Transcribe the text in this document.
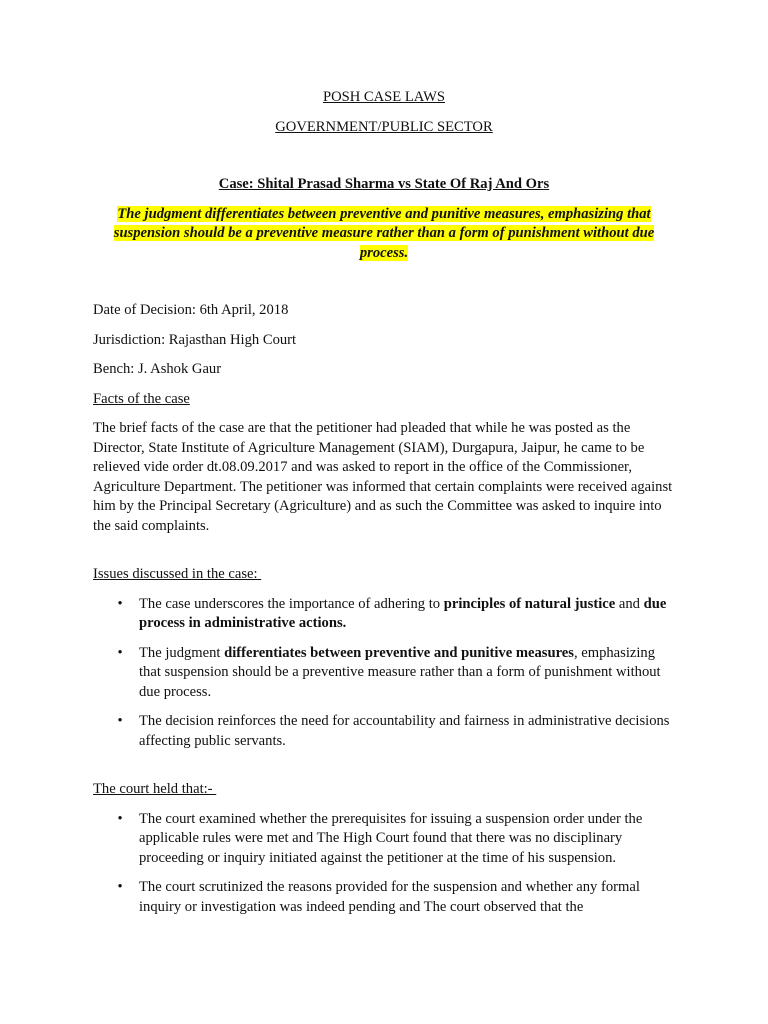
POSH CASE LAWS

GOVERNMENT/PUBLIC SECTOR

Case: Shital Prasad Sharma vs State Of Raj And Ors

The judgment differentiates between preventive and punitive measures, emphasizing that suspension should be a preventive measure rather than a form of punishment without due process.

Date of Decision: 6th April, 2018

Jurisdiction: Rajasthan High Court

Bench: J. Ashok Gaur

Facts of the case

The brief facts of the case are that the petitioner had pleaded that while he was posted as the Director, State Institute of Agriculture Management (SIAM), Durgapura, Jaipur, he came to be relieved vide order dt.08.09.2017 and was asked to report in the office of the Commissioner, Agriculture Department. The petitioner was informed that certain complaints were received against him by the Principal Secretary (Agriculture) and as such the Committee was asked to inquire into the said complaints.

Issues discussed in the case:

• The case underscores the importance of adhering to principles of natural justice and due process in administrative actions.
• The judgment differentiates between preventive and punitive measures, emphasizing that suspension should be a preventive measure rather than a form of punishment without due process.
• The decision reinforces the need for accountability and fairness in administrative decisions affecting public servants.

The court held that:-

• The court examined whether the prerequisites for issuing a suspension order under the applicable rules were met and The High Court found that there was no disciplinary proceeding or inquiry initiated against the petitioner at the time of his suspension.
• The court scrutinized the reasons provided for the suspension and whether any formal inquiry or investigation was indeed pending and The court observed that the
